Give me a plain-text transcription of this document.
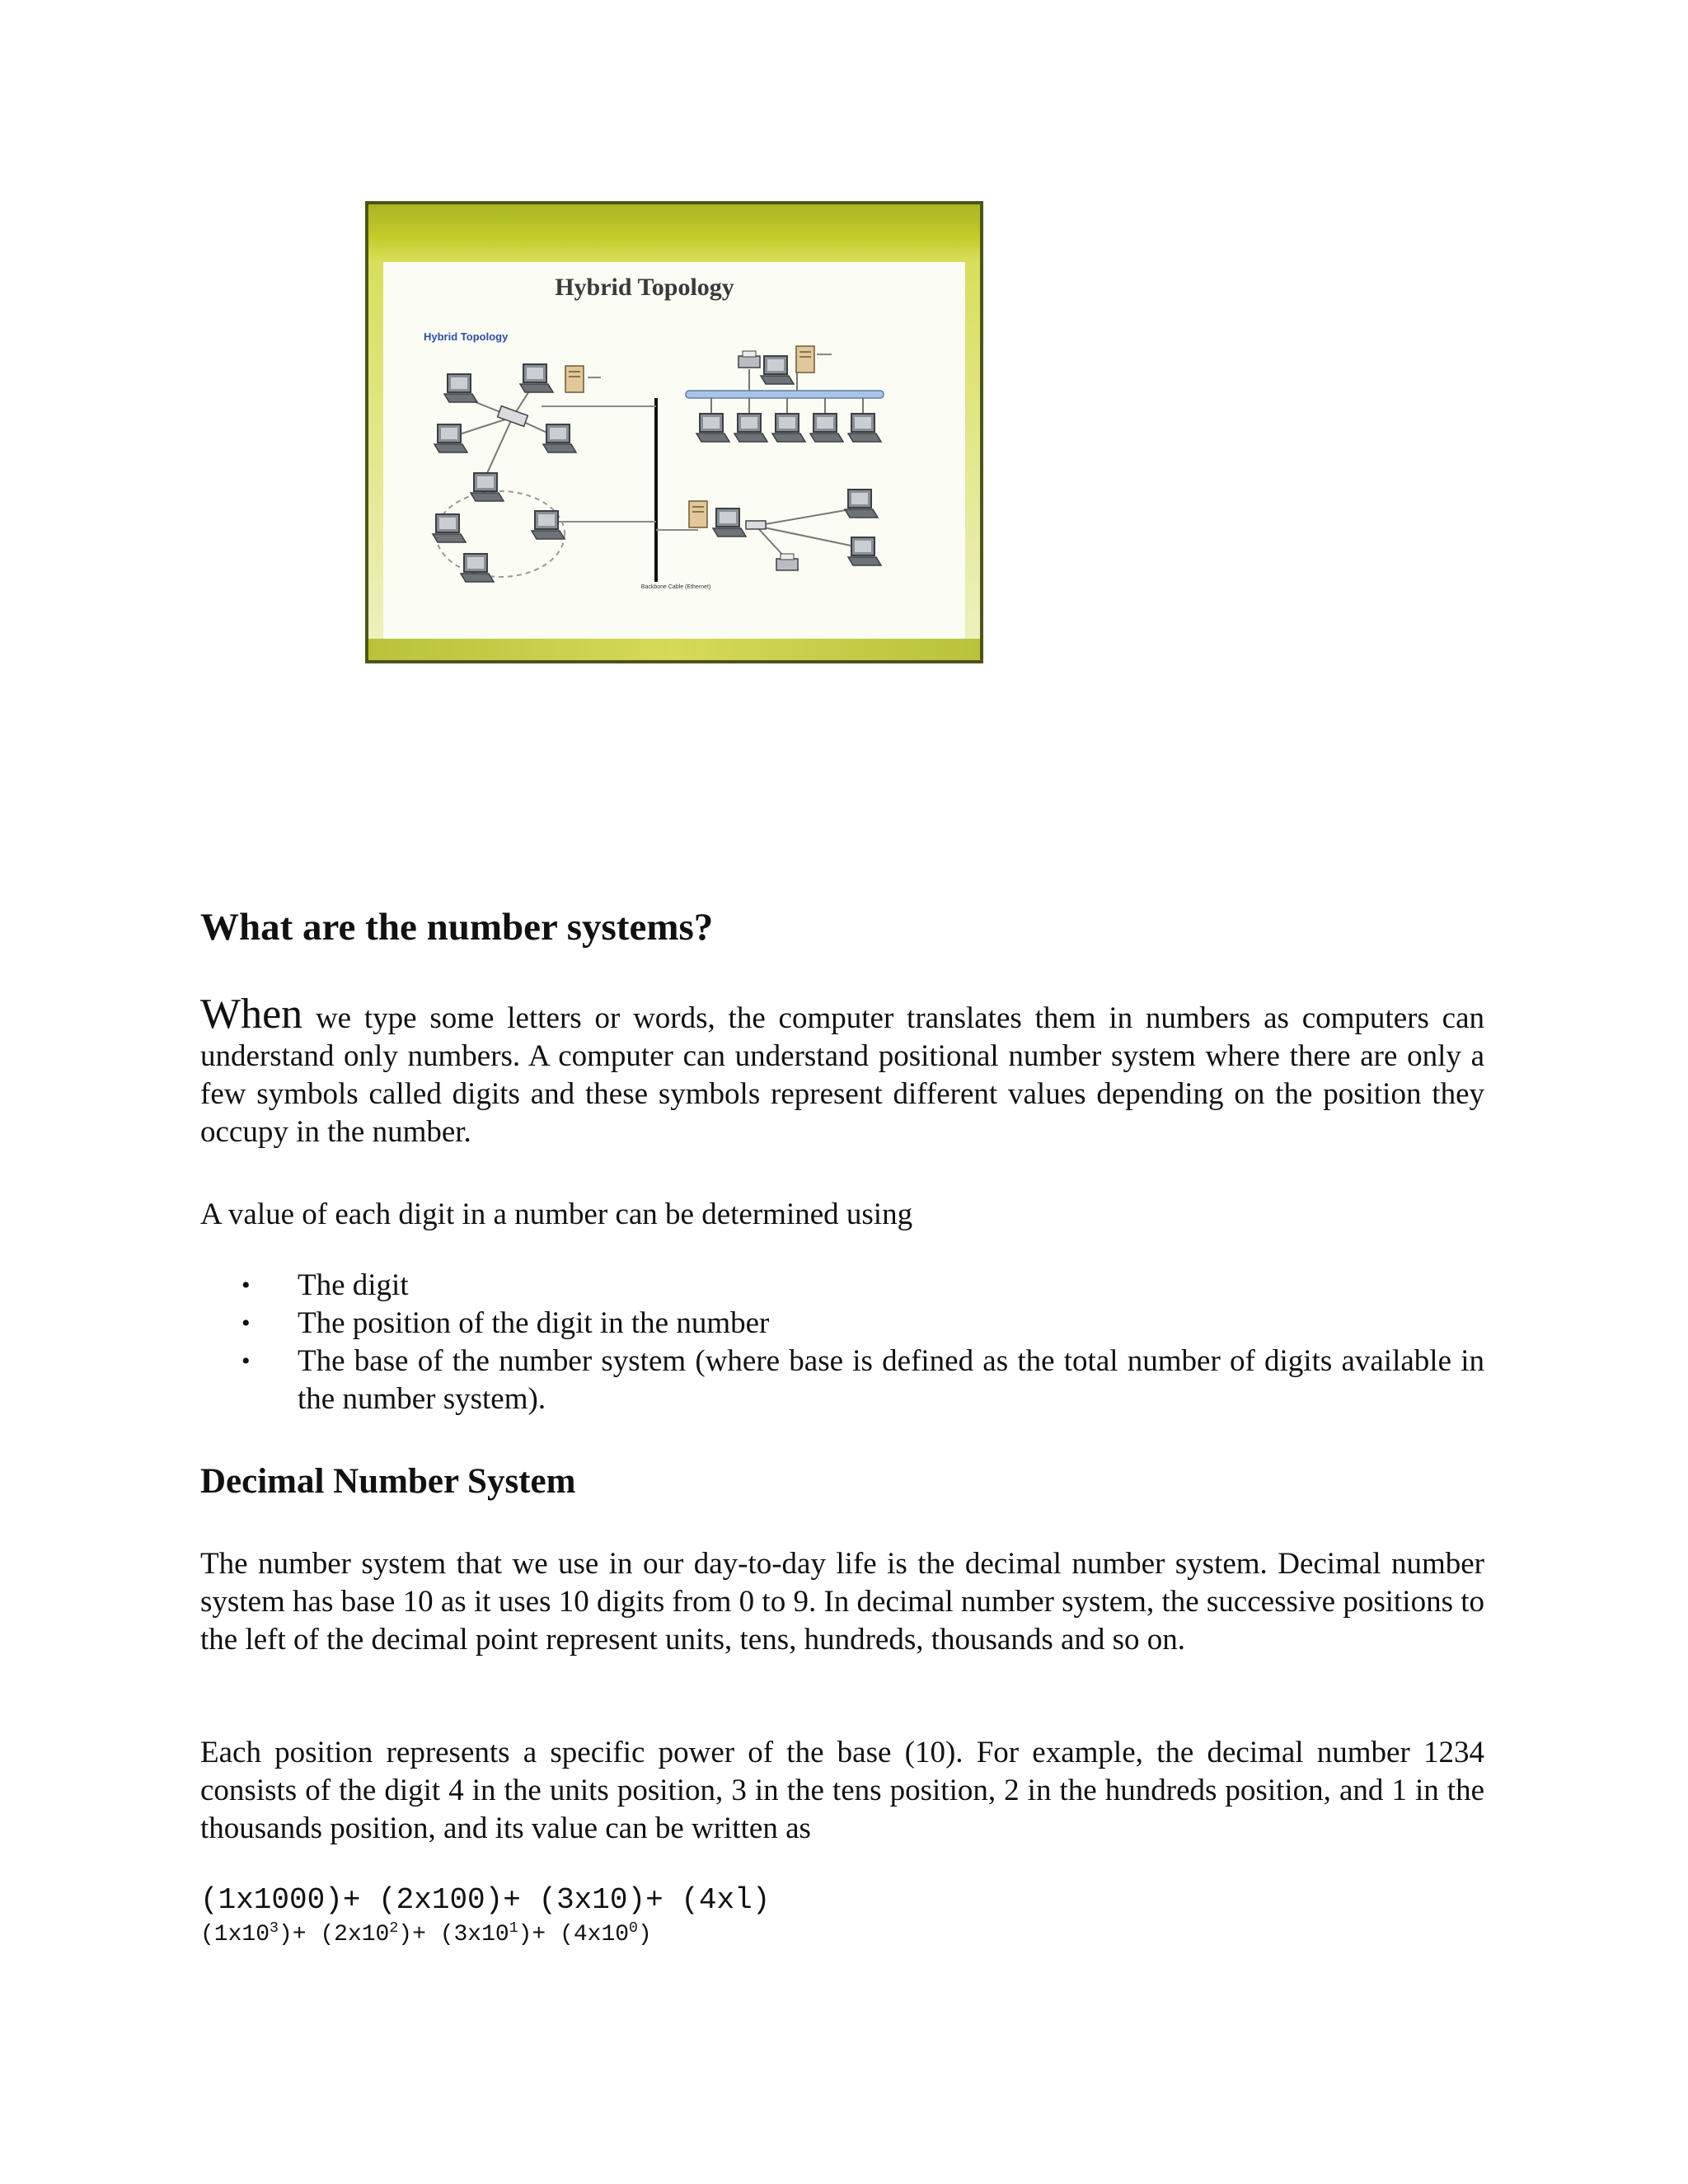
Hybrid Topology
Hybrid Topology
Backbone Cable (Ethernet)
What are the number systems?

When we type some letters or words, the computer translates them in numbers as computers can understand only numbers. A computer can understand positional number system where there are only a few symbols called digits and these symbols represent different values depending on the position they occupy in the number.

A value of each digit in a number can be determined using

• The digit
• The position of the digit in the number
• The base of the number system (where base is defined as the total number of digits available in the number system).
Decimal Number System

The number system that we use in our day-to-day life is the decimal number system. Decimal number system has base 10 as it uses 10 digits from 0 to 9. In decimal number system, the successive positions to the left of the decimal point represent units, tens, hundreds, thousands and so on.

Each position represents a specific power of the base (10). For example, the decimal number 1234 consists of the digit 4 in the units position, 3 in the tens position, 2 in the hundreds position, and 1 in the thousands position, and its value can be written as

(1x1000)+ (2x100)+ (3x10)+ (4xl)

$(1x10^3)+ (2x10^2)+ (3x10^1)+ (4x10^0)$
